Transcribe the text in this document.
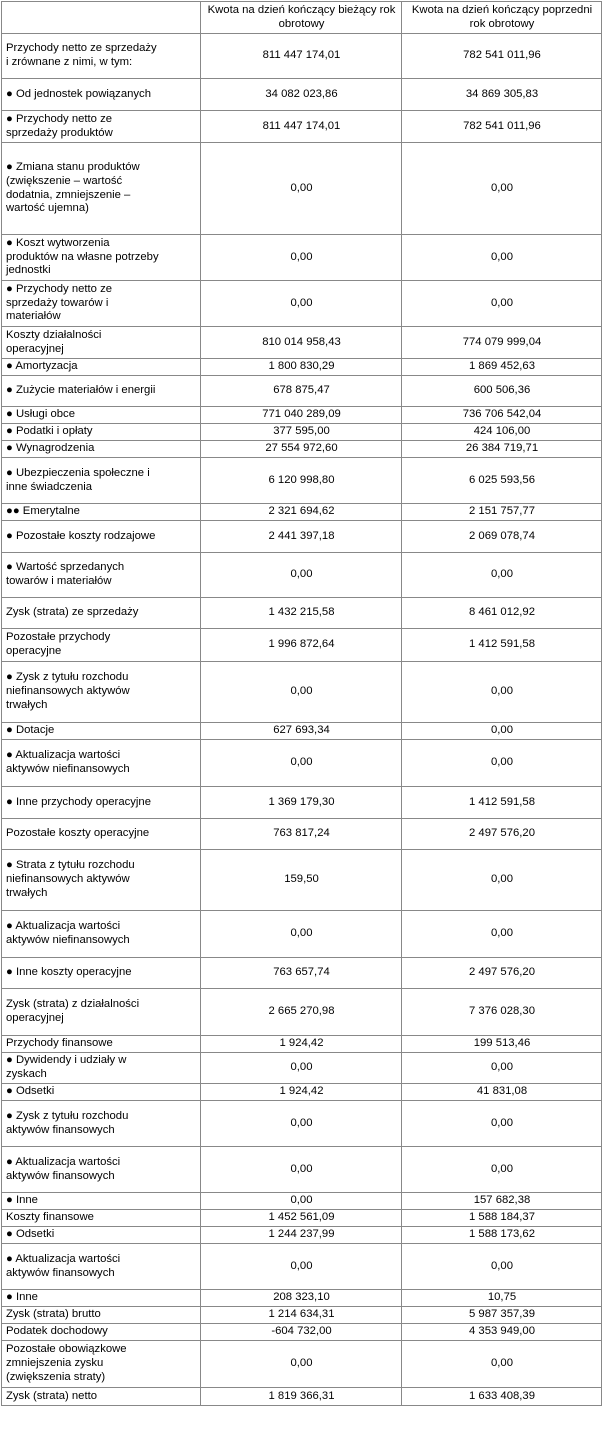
	Kwota na dzień kończący bieżący rok obrotowy	Kwota na dzień kończący poprzedni rok obrotowy
Przychody netto ze sprzedaży i zrównane z nimi, w tym:	811 447 174,01	782 541 011,96
● Od jednostek powiązanych	34 082 023,86	34 869 305,83
● Przychody netto ze sprzedaży produktów	811 447 174,01	782 541 011,96
● Zmiana stanu produktów (zwiększenie – wartość dodatnia, zmniejszenie – wartość ujemna)	0,00	0,00
● Koszt wytworzenia produktów na własne potrzeby jednostki	0,00	0,00
● Przychody netto ze sprzedaży towarów i materiałów	0,00	0,00
Koszty działalności operacyjnej	810 014 958,43	774 079 999,04
● Amortyzacja	1 800 830,29	1 869 452,63
● Zużycie materiałów i energii	678 875,47	600 506,36
● Usługi obce	771 040 289,09	736 706 542,04
● Podatki i opłaty	377 595,00	424 106,00
● Wynagrodzenia	27 554 972,60	26 384 719,71
● Ubezpieczenia społeczne i inne świadczenia	6 120 998,80	6 025 593,56
●● Emerytalne	2 321 694,62	2 151 757,77
● Pozostałe koszty rodzajowe	2 441 397,18	2 069 078,74
● Wartość sprzedanych towarów i materiałów	0,00	0,00
Zysk (strata) ze sprzedaży	1 432 215,58	8 461 012,92
Pozostałe przychody operacyjne	1 996 872,64	1 412 591,58
● Zysk z tytułu rozchodu niefinansowych aktywów trwałych	0,00	0,00
● Dotacje	627 693,34	0,00
● Aktualizacja wartości aktywów niefinansowych	0,00	0,00
● Inne przychody operacyjne	1 369 179,30	1 412 591,58
Pozostałe koszty operacyjne	763 817,24	2 497 576,20
● Strata z tytułu rozchodu niefinansowych aktywów trwałych	159,50	0,00
● Aktualizacja wartości aktywów niefinansowych	0,00	0,00
● Inne koszty operacyjne	763 657,74	2 497 576,20
Zysk (strata) z działalności operacyjnej	2 665 270,98	7 376 028,30
Przychody finansowe	1 924,42	199 513,46
● Dywidendy i udziały w zyskach	0,00	0,00
● Odsetki	1 924,42	41 831,08
● Zysk z tytułu rozchodu aktywów finansowych	0,00	0,00
● Aktualizacja wartości aktywów finansowych	0,00	0,00
● Inne	0,00	157 682,38
Koszty finansowe	1 452 561,09	1 588 184,37
● Odsetki	1 244 237,99	1 588 173,62
● Aktualizacja wartości aktywów finansowych	0,00	0,00
● Inne	208 323,10	10,75
Zysk (strata) brutto	1 214 634,31	5 987 357,39
Podatek dochodowy	-604 732,00	4 353 949,00
Pozostałe obowiązkowe zmniejszenia zysku (zwiększenia straty)	0,00	0,00
Zysk (strata) netto	1 819 366,31	1 633 408,39
